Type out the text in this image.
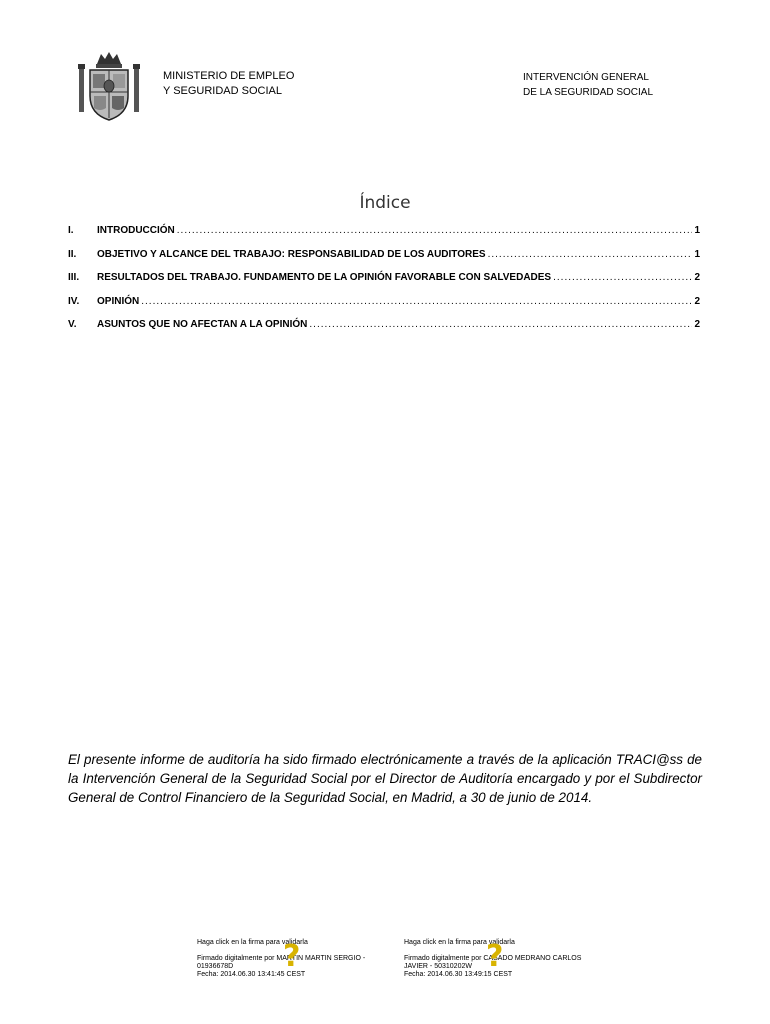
MINISTERIO DE EMPLEO
Y SEGURIDAD SOCIAL
INTERVENCIÓN GENERAL
DE LA SEGURIDAD SOCIAL
Índice
I.	INTRODUCCIÓN .....	1
II.	OBJETIVO Y ALCANCE DEL TRABAJO: RESPONSABILIDAD DE LOS AUDITORES .....	1
III.	RESULTADOS DEL TRABAJO. FUNDAMENTO DE LA OPINIÓN FAVORABLE CON SALVEDADES .....	2
IV.	OPINIÓN .....	2
V.	ASUNTOS QUE NO AFECTAN A LA OPINIÓN .....	2

El presente informe de auditoría ha sido firmado electrónicamente a través de la aplicación TRACI@ss de la Intervención General de la Seguridad Social por el Director de Auditoría encargado y por el Subdirector General de Control Financiero de la Seguridad Social, en Madrid, a 30 de junio de 2014.

Haga click en la firma para validarla
Firmado digitalmente por MARTIN MARTIN SERGIO -
01936678D
Fecha: 2014.06.30 13:41:45 CEST
?	Haga click en la firma para validarla
Firmado digitalmente por CASADO MEDRANO CARLOS
JAVIER - 50310202W
Fecha: 2014.06.30 13:49:15 CEST
?
